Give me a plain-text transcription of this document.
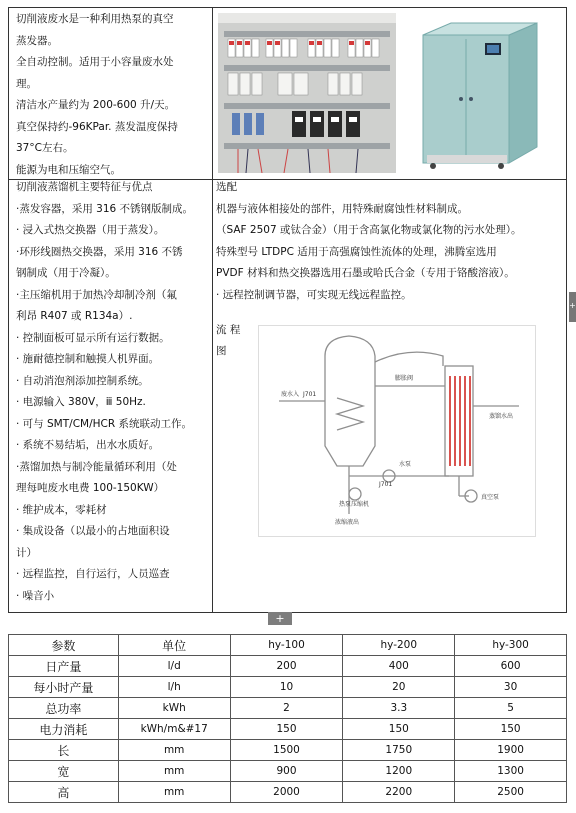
切削液废水是一种利用热泵的真空
蒸发器。
全自动控制。适用于小容量废水处
理。
清洁水产量约为 200-600 升/天。
真空保持约-96KPar. 蒸发温度保持
37°C左右。
能源为电和压缩空气。
切削液蒸馏机主要特征与优点
·蒸发容器，采用 316 不锈钢版制成。
· 浸入式热交换器（用于蒸发）。
·环形线圈热交换器，采用 316 不锈
钢制成（用于冷凝）。
·主压缩机用于加热冷却制冷剂（氟
利昂 R407 或 R134a）.
· 控制面板可显示所有运行数据。
· 施耐德控制和触摸人机界面。
· 自动消泡剂添加控制系统。
· 电源输入 380V，ⅲ 50Hz.
· 可与 SMT/CM/HCR 系统联动工作。
· 系统不易结垢，出水水质好。
·蒸馏加热与制冷能量循环利用（处
理每吨废水电费 100-150KW）
· 维护成本，零耗材
· 集成设备（以最小的占地面积设
计）
· 远程监控，自行运行，人员巡查
· 噪音小
选配
机器与液体相接处的部件，用特殊耐腐蚀性材料制成。
（SAF 2507 或钛合金）（用于含高氯化物或氯化物的污水处理）。
特殊型号 LTDPC 适用于高强腐蚀性流体的处理，沸腾室选用
PVDF 材料和热交换器选用石墨或哈氏合金（专用于铬酸溶液）。
· 远程控制调节器，可实现无线远程监控。
流 程
图
废水入 J701
膨胀阀
蒸馏水出
水泵
J701
热泵压缩机
真空泵
浓缩液出
+
+
参数	单位	hy-100	hy-200	hy-300
日产量	l/d	200	400	600
每小时产量	l/h	10	20	30
总功率	kWh	2	3.3	5
电力消耗	kWh/m&#17	150	150	150
长	mm	1500	1750	1900
宽	mm	900	1200	1300
高	mm	2000	2200	2500
